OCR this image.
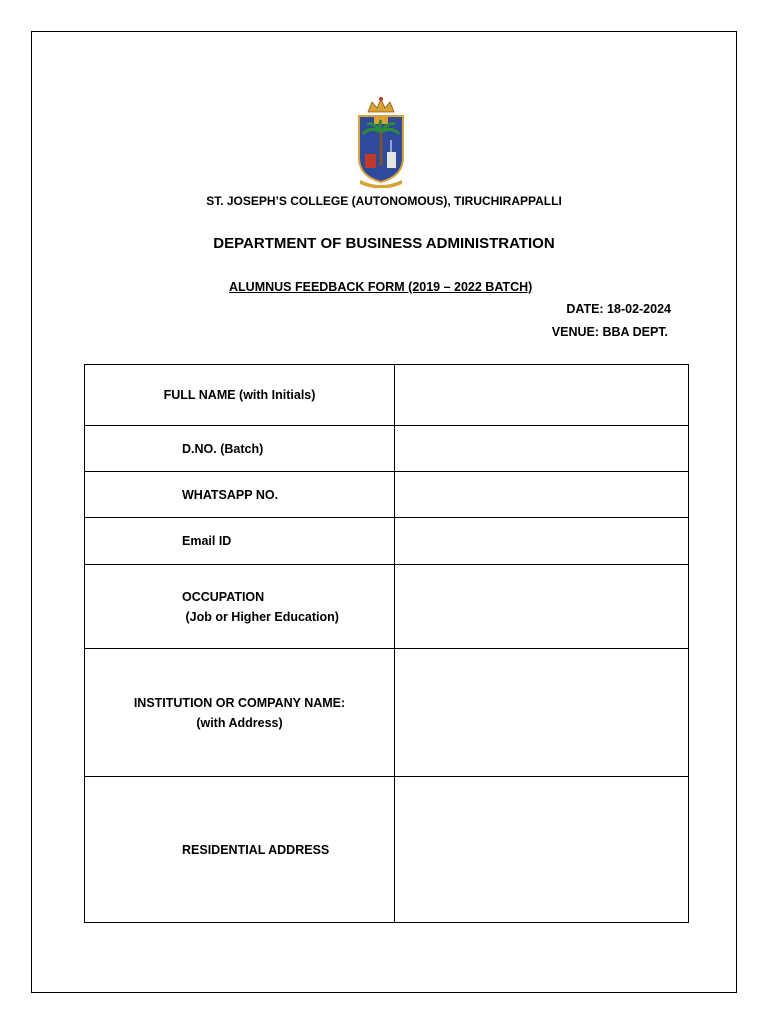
ST. JOSEPH’S COLLEGE (AUTONOMOUS), TIRUCHIRAPPALLI
DEPARTMENT OF BUSINESS ADMINISTRATION
ALUMNUS FEEDBACK FORM (2019 – 2022 BATCH)
DATE: 18-02-2024
VENUE: BBA DEPT.
FULL NAME (with Initials)	

D.NO. (Batch)	

WHATSAPP NO.	

Email ID	

OCCUPATION
(Job or Higher Education)	

INSTITUTION OR COMPANY NAME:
(with Address)	

RESIDENTIAL ADDRESS	
